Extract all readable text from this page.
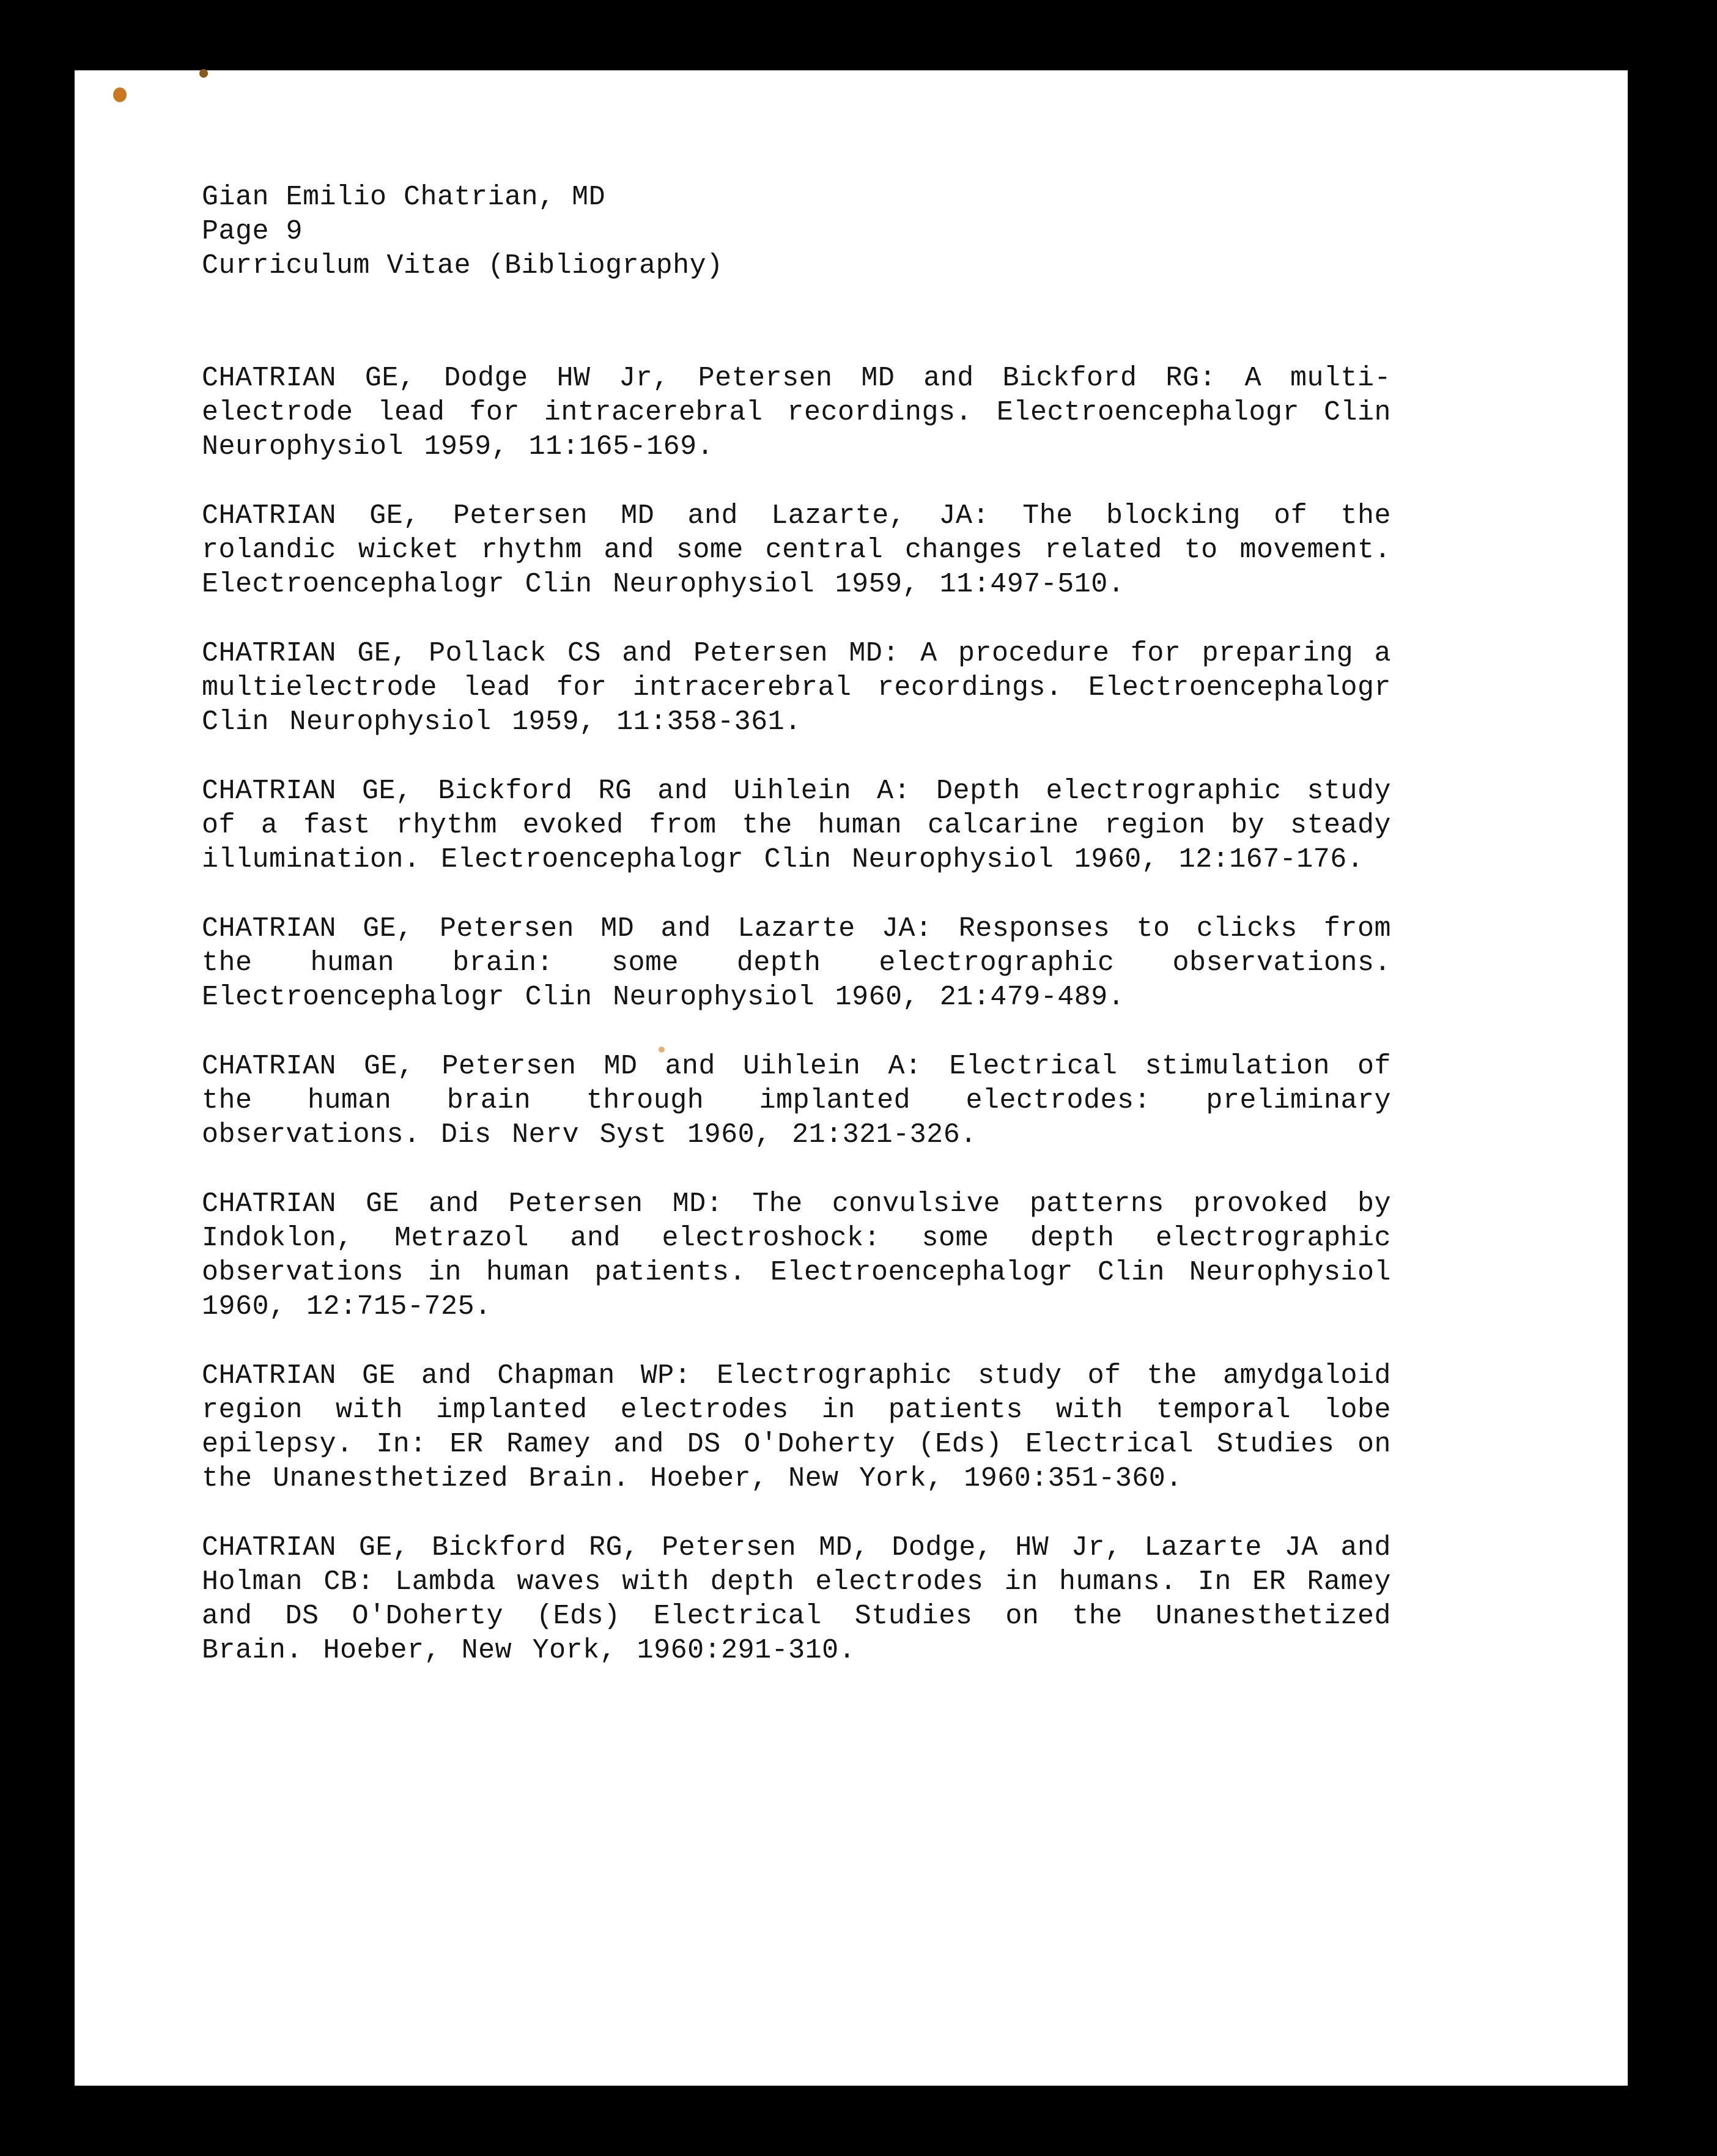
Gian Emilio Chatrian, MD
Page 9
Curriculum Vitae (Bibliography)

CHATRIAN GE, Dodge HW Jr, Petersen MD and Bickford RG: A multi-electrode lead for intracerebral recordings. Electroencephalogr Clin Neurophysiol 1959, 11:165-169.

CHATRIAN GE, Petersen MD and Lazarte, JA: The blocking of the rolandic wicket rhythm and some central changes related to movement. Electroencephalogr Clin Neurophysiol 1959, 11:497-510.

CHATRIAN GE, Pollack CS and Petersen MD: A procedure for preparing a multielectrode lead for intracerebral recordings. Electroencephalogr Clin Neurophysiol 1959, 11:358-361.

CHATRIAN GE, Bickford RG and Uihlein A: Depth electrographic study of a fast rhythm evoked from the human calcarine region by steady illumination. Electroencephalogr Clin Neurophysiol 1960, 12:167-176.

CHATRIAN GE, Petersen MD and Lazarte JA: Responses to clicks from the human brain: some depth electrographic observations. Electroencephalogr Clin Neurophysiol 1960, 21:479-489.

CHATRIAN GE, Petersen MD and Uihlein A: Electrical stimulation of the human brain through implanted electrodes: preliminary observations. Dis Nerv Syst 1960, 21:321-326.

CHATRIAN GE and Petersen MD: The convulsive patterns provoked by Indoklon, Metrazol and electroshock: some depth electrographic observations in human patients. Electroencephalogr Clin Neurophysiol 1960, 12:715-725.

CHATRIAN GE and Chapman WP: Electrographic study of the amydgaloid region with implanted electrodes in patients with temporal lobe epilepsy. In: ER Ramey and DS O'Doherty (Eds) Electrical Studies on the Unanesthetized Brain. Hoeber, New York, 1960:351-360.

CHATRIAN GE, Bickford RG, Petersen MD, Dodge, HW Jr, Lazarte JA and Holman CB: Lambda waves with depth electrodes in humans. In ER Ramey and DS O'Doherty (Eds) Electrical Studies on the Unanesthetized Brain. Hoeber, New York, 1960:291-310.
